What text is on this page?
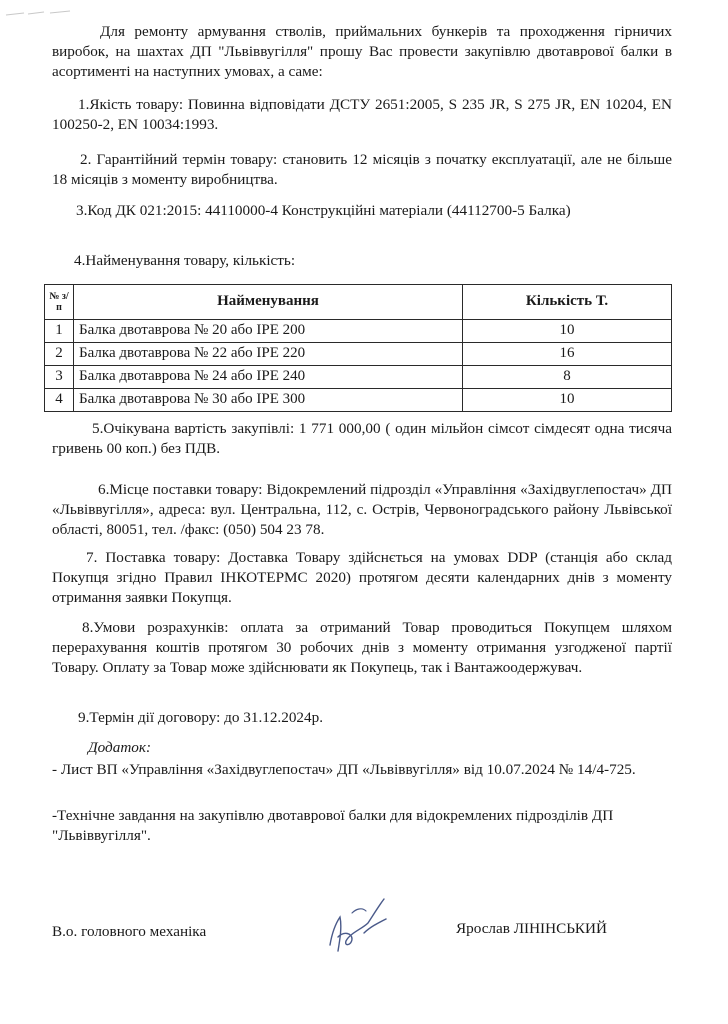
Для ремонту армування стволів, приймальних бункерів та проходження гірничих виробок, на шахтах ДП "Львіввугілля" прошу Вас провести закупівлю двотаврової балки в асортименті на наступних умовах, а саме:

1.Якість товару: Повинна відповідати ДСТУ 2651:2005, S 235 JR, S 275 JR, EN 10204, EN 100250-2, EN 10034:1993.

2. Гарантійний термін товару: становить 12 місяців з початку експлуатації, але не більше 18 місяців з моменту виробництва.

3.Код ДК 021:2015: 44110000-4 Конструкційні матеріали (44112700-5 Балка)

4.Найменування товару, кількість:

№ з/п	Найменування	Кількість Т.
1	Балка двотаврова № 20 або IPE 200	10
2	Балка двотаврова № 22 або IPE 220	16
3	Балка двотаврова № 24 або IPE 240	8
4	Балка двотаврова № 30 або IPE 300	10

5.Очікувана вартість закупівлі: 1 771 000,00 ( один мільйон сімсот сімдесят одна тисяча гривень 00 коп.) без ПДВ.

6.Місце поставки товару: Відокремлений підрозділ «Управління «Західвуглепостач» ДП «Львіввугілля», адреса: вул. Центральна, 112, с. Острів, Червоноградського району Львівської області, 80051, тел. /факс: (050) 504 23 78.

7. Поставка товару: Доставка Товару здійснється на умовах DDP (станція або склад Покупця згідно Правил ІНКОТЕРМС 2020) протягом десяти календарних днів з моменту отримання заявки Покупця.

8.Умови розрахунків: оплата за отриманий Товар проводиться Покупцем шляхом перерахування коштів протягом 30 робочих днів з моменту отримання узгодженої партії Товару. Оплату за Товар може здійснювати як Покупець, так і Вантажоодержувач.

9.Термін дії договору: до 31.12.2024р.

Додаток:

- Лист ВП «Управління «Західвуглепостач» ДП «Львіввугілля» від 10.07.2024 № 14/4-725.

-Технічне завдання на закупівлю двотаврової балки для відокремлених підрозділів ДП "Львіввугілля".

В.о. головного механіка	Ярослав ЛІНІНСЬКИЙ
